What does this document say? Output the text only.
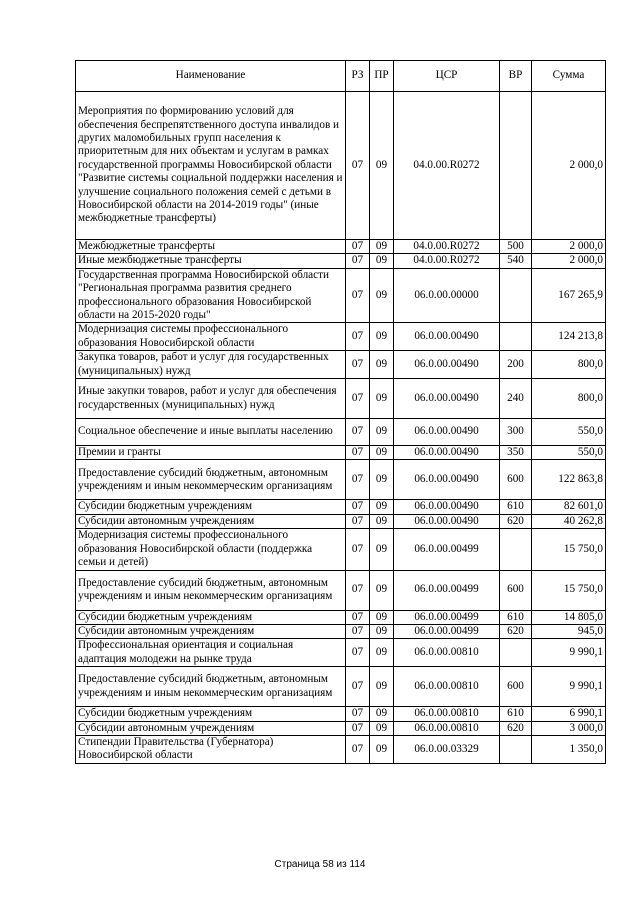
Наименование	РЗ	ПР	ЦСР	ВР	Сумма
Мероприятия по формированию условий для обеспечения беспрепятственного доступа инвалидов и других маломобильных групп населения к приоритетным для них объектам и услугам в рамках государственной программы Новосибирской области "Развитие системы социальной поддержки населения и улучшение социального положения семей с детьми в Новосибирской области на 2014-2019 годы" (иные межбюджетные трансферты)	07	09	04.0.00.R0272		2 000,0
Межбюджетные трансферты	07	09	04.0.00.R0272	500	2 000,0
Иные межбюджетные трансферты	07	09	04.0.00.R0272	540	2 000,0
Государственная программа Новосибирской области "Региональная программа развития среднего профессионального образования Новосибирской области на 2015-2020 годы"	07	09	06.0.00.00000		167 265,9
Модернизация системы профессионального образования Новосибирской области	07	09	06.0.00.00490		124 213,8
Закупка товаров, работ и услуг для государственных (муниципальных) нужд	07	09	06.0.00.00490	200	800,0
Иные закупки товаров, работ и услуг для обеспечения государственных (муниципальных) нужд	07	09	06.0.00.00490	240	800,0
Социальное обеспечение и иные выплаты населению	07	09	06.0.00.00490	300	550,0
Премии и гранты	07	09	06.0.00.00490	350	550,0
Предоставление субсидий бюджетным, автономным учреждениям и иным некоммерческим организациям	07	09	06.0.00.00490	600	122 863,8
Субсидии бюджетным учреждениям	07	09	06.0.00.00490	610	82 601,0
Субсидии автономным учреждениям	07	09	06.0.00.00490	620	40 262,8
Модернизация системы профессионального образования Новосибирской области (поддержка семьи и детей)	07	09	06.0.00.00499		15 750,0
Предоставление субсидий бюджетным, автономным учреждениям и иным некоммерческим организациям	07	09	06.0.00.00499	600	15 750,0
Субсидии бюджетным учреждениям	07	09	06.0.00.00499	610	14 805,0
Субсидии автономным учреждениям	07	09	06.0.00.00499	620	945,0
Профессиональная ориентация и социальная адаптация молодежи на рынке труда	07	09	06.0.00.00810		9 990,1
Предоставление субсидий бюджетным, автономным учреждениям и иным некоммерческим организациям	07	09	06.0.00.00810	600	9 990,1
Субсидии бюджетным учреждениям	07	09	06.0.00.00810	610	6 990,1
Субсидии автономным учреждениям	07	09	06.0.00.00810	620	3 000,0
Стипендии Правительства (Губернатора) Новосибирской области	07	09	06.0.00.03329		1 350,0
Страница 58 из 114
